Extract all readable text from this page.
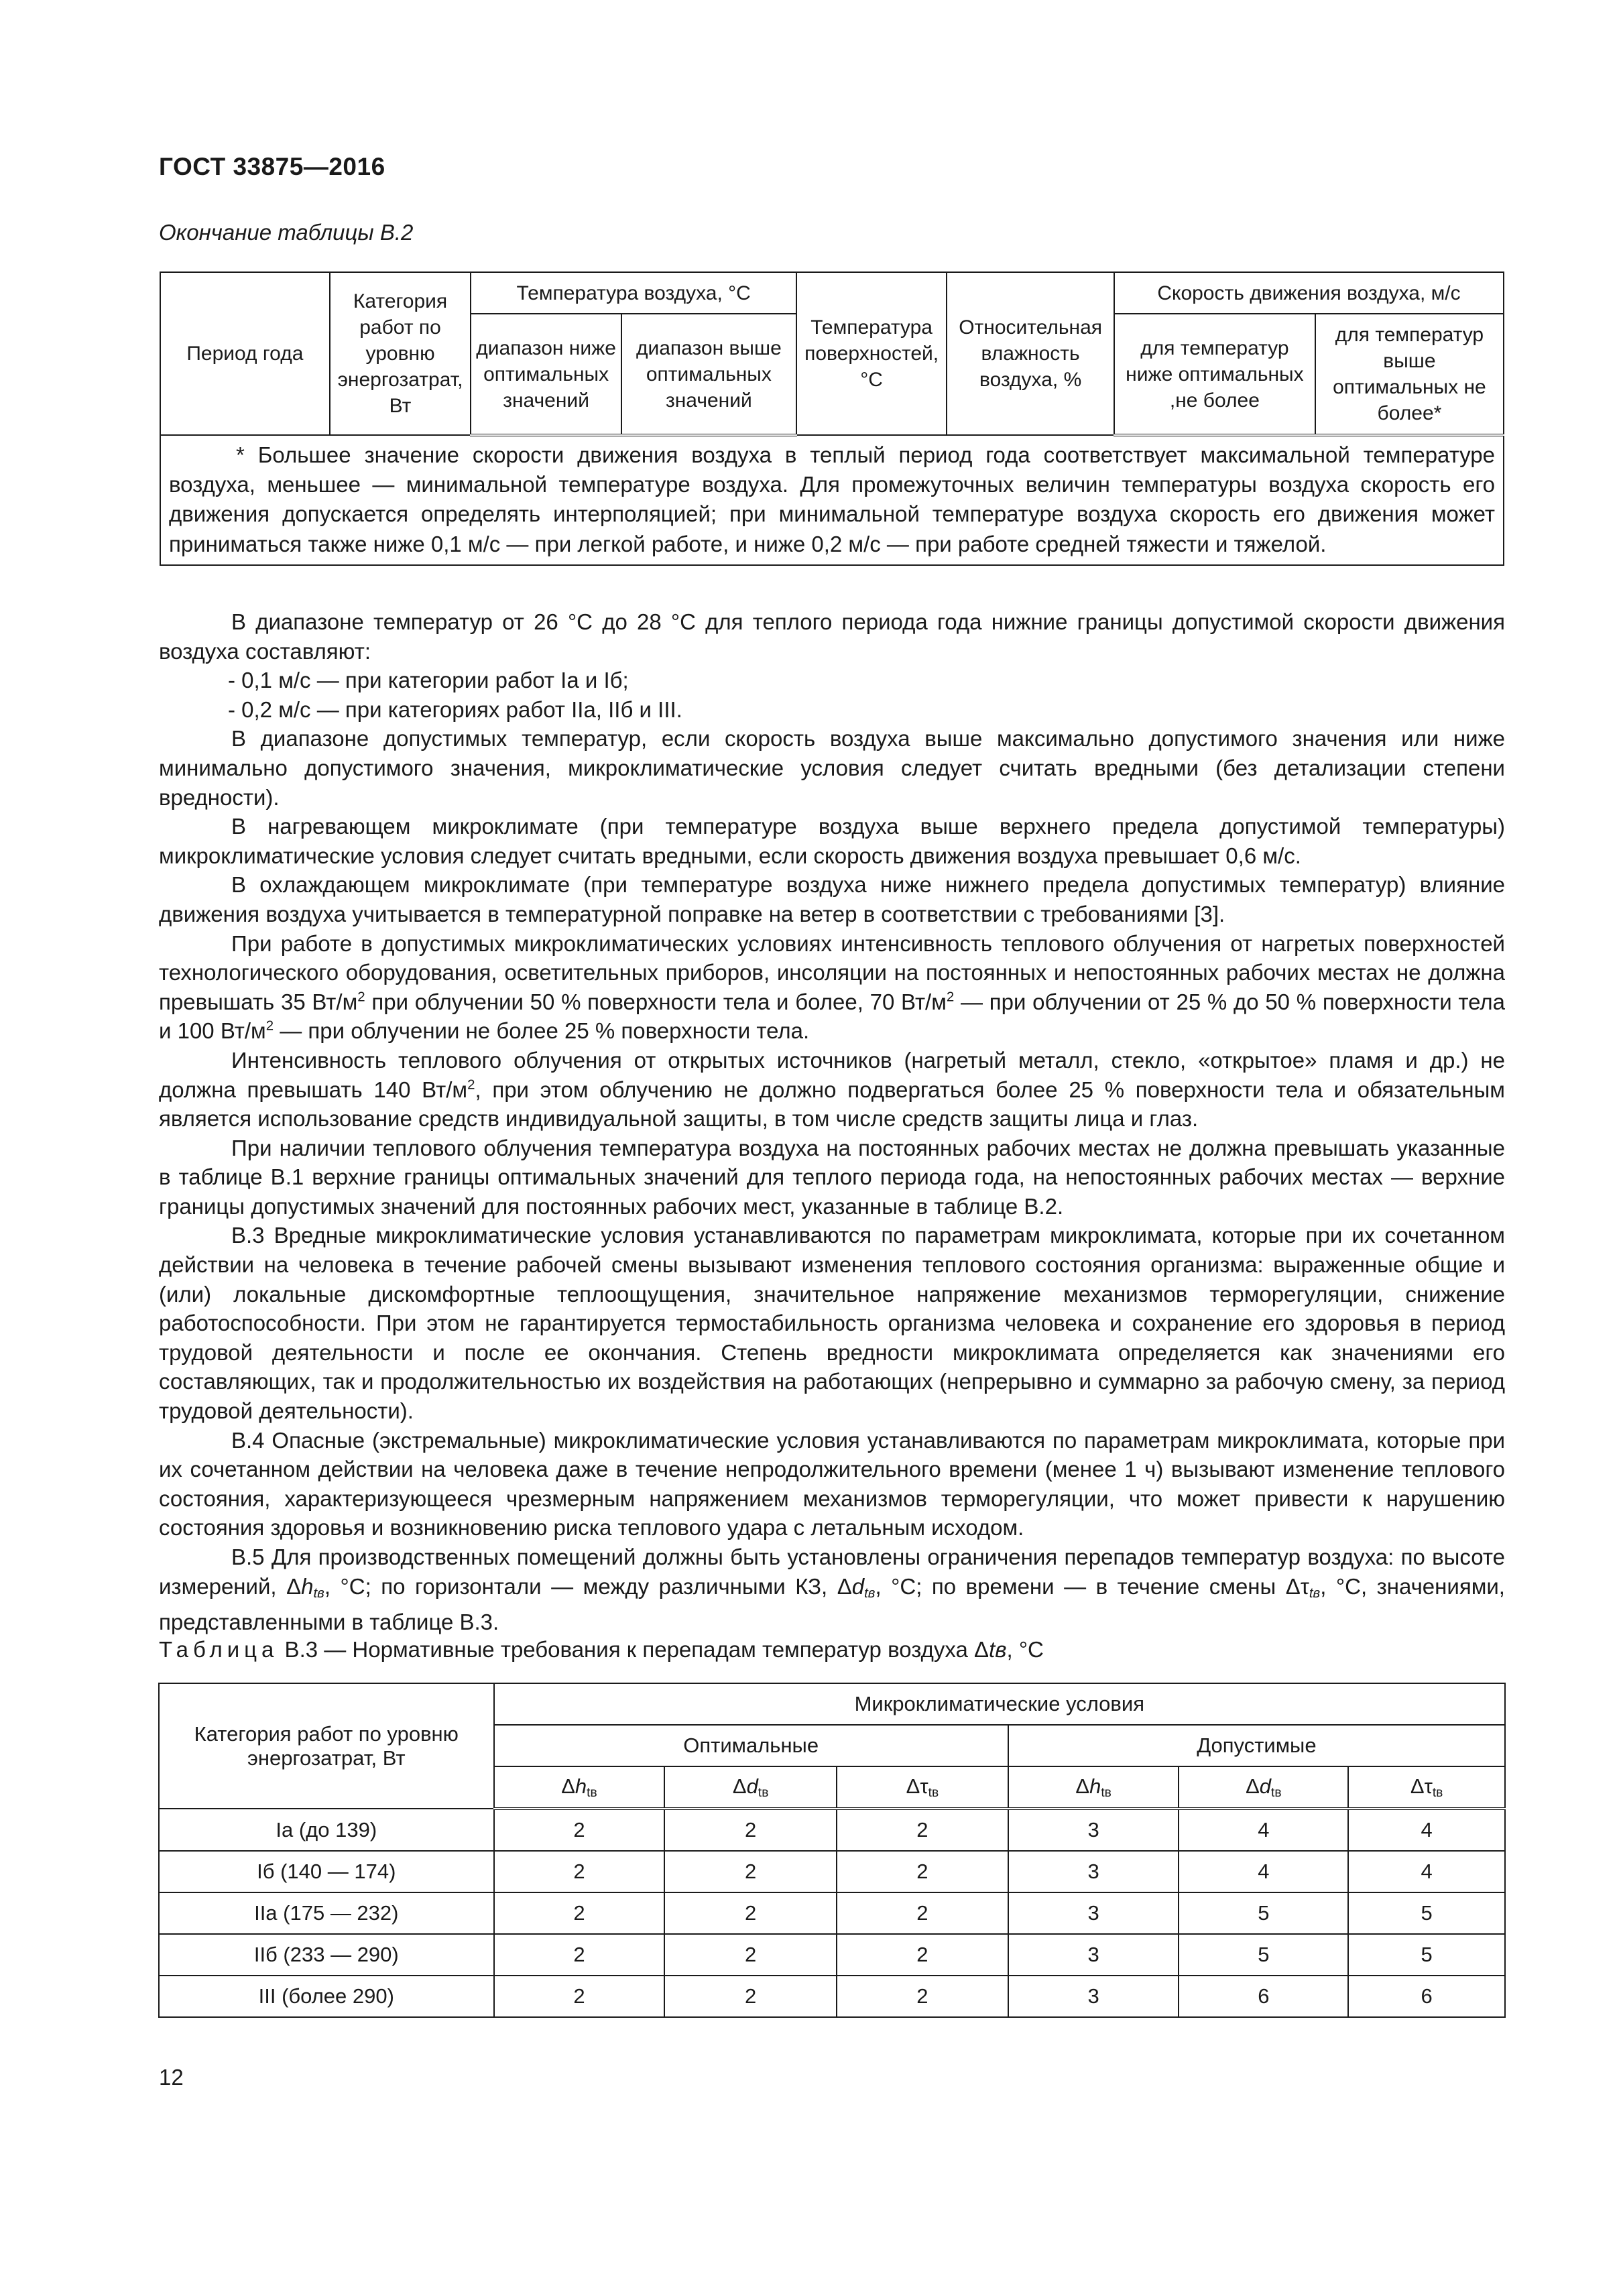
ГОСТ 33875—2016
Окончание таблицы В.2
Период года	Категория работ по уровню энергозатрат, Вт	Температура воздуха, °С		Температура поверхностей, °С	Относительная влажность воздуха, %	Скорость движения воздуха, м/с	
		диапазон ниже оптимальных значений	диапазон выше оптимальных значений			для температур ниже оптимальных ,не более	для температур выше оптимальных не более*
* Большее значение скорости движения воздуха в теплый период года соответствует максимальной температуре воздуха, меньшее — минимальной температуре воздуха. Для промежуточных величин температуры воздуха скорость его движения допускается определять интерполяцией; при минимальной температуре воздуха скорость его движения может приниматься также ниже 0,1 м/с — при легкой работе, и ниже 0,2 м/с — при работе средней тяжести и тяжелой.							

В диапазоне температур от 26 °С до 28 °С для теплого периода года нижние границы допустимой скорости движения воздуха составляют:

- 0,1 м/с — при категории работ Iа и Iб;

- 0,2 м/с — при категориях работ IIа, IIб и III.

В диапазоне допустимых температур, если скорость воздуха выше максимально допустимого значения или ниже минимально допустимого значения, микроклиматические условия следует считать вредными (без детализации степени вредности).

В нагревающем микроклимате (при температуре воздуха выше верхнего предела допустимой температуры) микроклиматические условия следует считать вредными, если скорость движения воздуха превышает 0,6 м/с.

В охлаждающем микроклимате (при температуре воздуха ниже нижнего предела допустимых температур) влияние движения воздуха учитывается в температурной поправке на ветер в соответствии с требованиями [3].

При работе в допустимых микроклиматических условиях интенсивность теплового облучения от нагретых поверхностей технологического оборудования, осветительных приборов, инсоляции на постоянных и непостоянных рабочих местах не должна превышать 35 $Вт/м^2$ при облучении 50 % поверхности тела и более, 70 $Вт/м^2$ — при облучении от 25 % до 50 % поверхности тела и 100 $Вт/м^2$ — при облучении не более 25 % поверхности тела.

Интенсивность теплового облучения от открытых источников (нагретый металл, стекло, «открытое» пламя и др.) не должна превышать 140 $Вт/м^2$, при этом облучению не должно подвергаться более 25 % поверхности тела и обязательным является использование средств индивидуальной защиты, в том числе средств защиты лица и глаз.

При наличии теплового облучения температура воздуха на постоянных рабочих местах не должна превышать указанные в таблице В.1 верхние границы оптимальных значений для теплого периода года, на непостоянных рабочих местах — верхние границы допустимых значений для постоянных рабочих мест, указанные в таблице В.2.

В.3 Вредные микроклиматические условия устанавливаются по параметрам микроклимата, которые при их сочетанном действии на человека в течение рабочей смены вызывают изменения теплового состояния организма: выраженные общие и (или) локальные дискомфортные теплоощущения, значительное напряжение механизмов терморегуляции, снижение работоспособности. При этом не гарантируется термостабильность организма человека и сохранение его здоровья в период трудовой деятельности и после ее окончания. Степень вредности микроклимата определяется как значениями его составляющих, так и продолжительностью их воздействия на работающих (непрерывно и суммарно за рабочую смену, за период трудовой деятельности).

В.4 Опасные (экстремальные) микроклиматические условия устанавливаются по параметрам микроклимата, которые при их сочетанном действии на человека даже в течение непродолжительного времени (менее 1 ч) вызывают изменение теплового состояния, характеризующееся чрезмерным напряжением механизмов терморегуляции, что может привести к нарушению состояния здоровья и возникновению риска теплового удара с летальным исходом.

В.5 Для производственных помещений должны быть установлены ограничения перепадов температур воздуха: по высоте измерений, $\Delta h_{tв}$, °С; по горизонтали — между различными КЗ, $\Delta d_{tв}$, °С; по времени — в течение смены $\Delta\tau_{tв}$, °С, значениями, представленными в таблице В.3.

Таблица В.3 — Нормативные требования к перепадам температур воздуха Δtв, °С
Категория работ по уровню энергозатрат, Вт	Микроклиматические условия					
	Оптимальные			Допустимые		
	$\Delta h_{tв}$	$\Delta d_{tв}$	$\Delta\tau_{tв}$	$\Delta h_{tв}$	$\Delta d_{tв}$	$\Delta\tau_{tв}$
Iа (до 139)	2	2	2	3	4	4
Iб (140 — 174)	2	2	2	3	4	4
IIа (175 — 232)	2	2	2	3	5	5
IIб (233 — 290)	2	2	2	3	5	5
III (более 290)	2	2	2	3	6	6
12
